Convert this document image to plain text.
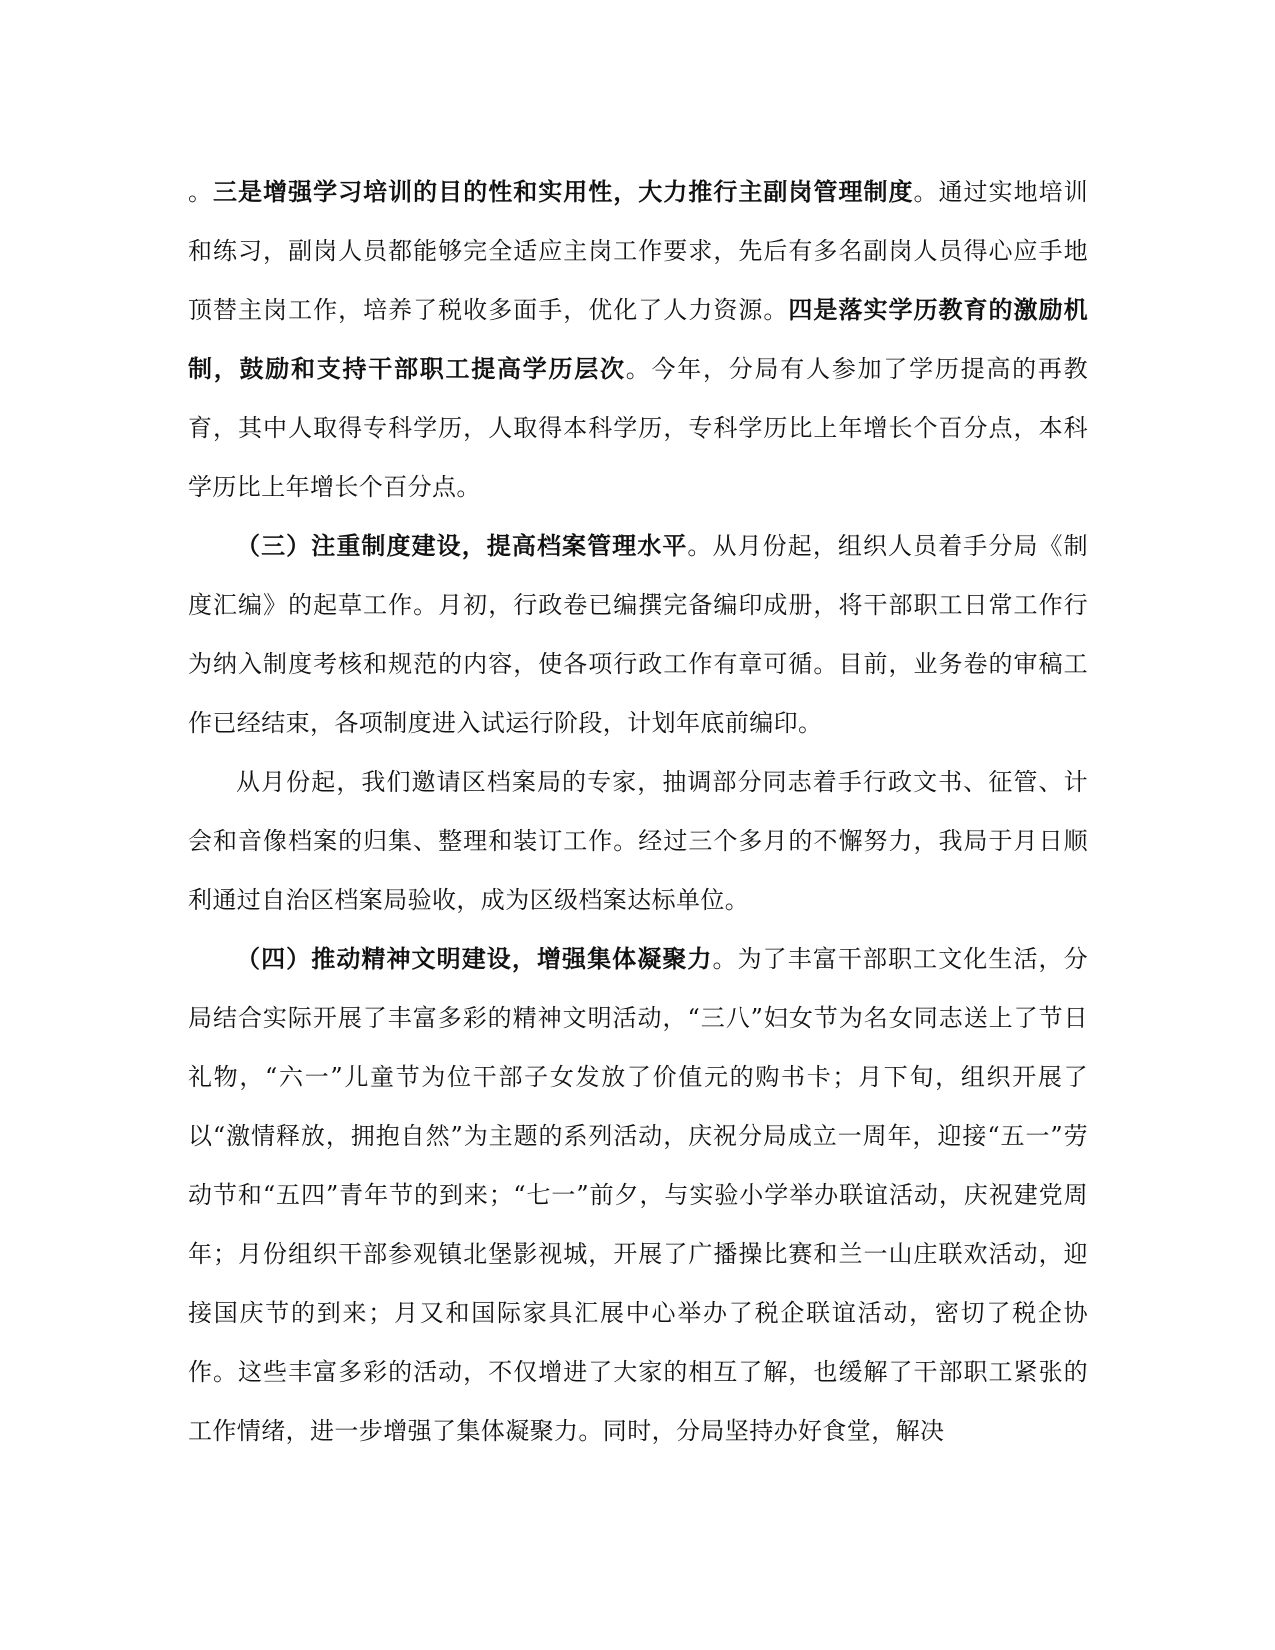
。三是增强学习培训的目的性和实用性，大力推行主副岗管理制度。通过实地培训和练习，副岗人员都能够完全适应主岗工作要求，先后有多名副岗人员得心应手地顶替主岗工作，培养了税收多面手，优化了人力资源。四是落实学历教育的激励机制，鼓励和支持干部职工提高学历层次。今年，分局有人参加了学历提高的再教育，其中人取得专科学历，人取得本科学历，专科学历比上年增长个百分点，本科学历比上年增长个百分点。

（三）注重制度建设，提高档案管理水平。从月份起，组织人员着手分局《制度汇编》的起草工作。月初，行政卷已编撰完备编印成册，将干部职工日常工作行为纳入制度考核和规范的内容，使各项行政工作有章可循。目前，业务卷的审稿工作已经结束，各项制度进入试运行阶段，计划年底前编印。

从月份起，我们邀请区档案局的专家，抽调部分同志着手行政文书、征管、计会和音像档案的归集、整理和装订工作。经过三个多月的不懈努力，我局于月日顺利通过自治区档案局验收，成为区级档案达标单位。

（四）推动精神文明建设，增强集体凝聚力。为了丰富干部职工文化生活，分局结合实际开展了丰富多彩的精神文明活动，“三八”妇女节为名女同志送上了节日礼物，“六一”儿童节为位干部子女发放了价值元的购书卡；月下旬，组织开展了以“激情释放，拥抱自然”为主题的系列活动，庆祝分局成立一周年，迎接“五一”劳动节和“五四”青年节的到来；“七一”前夕，与实验小学举办联谊活动，庆祝建党周年；月份组织干部参观镇北堡影视城，开展了广播操比赛和兰一山庄联欢活动，迎接国庆节的到来；月又和国际家具汇展中心举办了税企联谊活动，密切了税企协作。这些丰富多彩的活动，不仅增进了大家的相互了解，也缓解了干部职工紧张的工作情绪，进一步增强了集体凝聚力。同时，分局坚持办好食堂，解决
